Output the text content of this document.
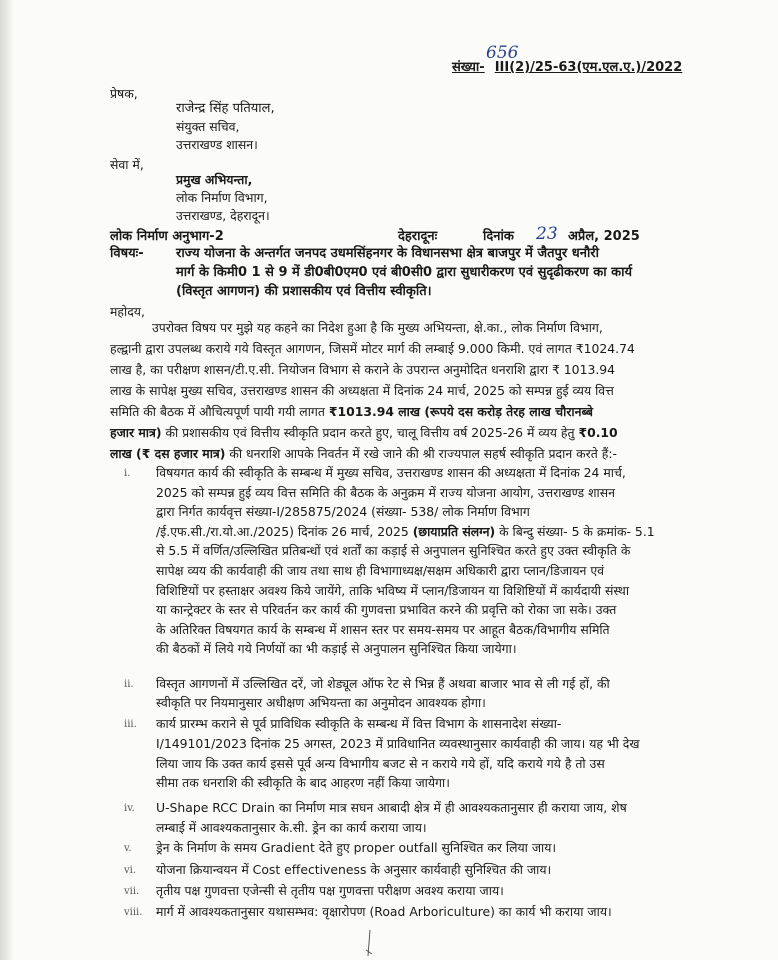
656
संख्या- III(2)/25-63(एम.एल.ए.)/2022
प्रेषक,
राजेन्द्र सिंह पतियाल,
संयुक्त सचिव,
उत्तराखण्ड शासन।
सेवा में,
प्रमुख अभियन्ता,
लोक निर्माण विभाग,
उत्तराखण्ड, देहरादून।
लोक निर्माण अनुभाग-2	देहरादूनः	दिनांक 23 अप्रैल, 2025
विषयः- राज्य योजना के अन्तर्गत जनपद उधमसिंहनगर के विधानसभा क्षेत्र बाजपुर में जैतपुर धनौरी
मार्ग के किमी0 1 से 9 में डी0बी0एम0 एवं बी0सी0 द्वारा सुधारीकरण एवं सुदृढीकरण का कार्य
(विस्तृत आगणन) की प्रशासकीय एवं वित्तीय स्वीकृति।
महोदय,
उपरोक्त विषय पर मुझे यह कहने का निदेश हुआ है कि मुख्य अभियन्ता, क्षे.का., लोक निर्माण विभाग,
हल्द्वानी द्वारा उपलब्ध कराये गये विस्तृत आगणन, जिसमें मोटर मार्ग की लम्बाई 9.000 किमी. एवं लागत ₹1024.74
लाख है, का परीक्षण शासन/टी.ए.सी. नियोजन विभाग से कराने के उपरान्त अनुमोदित धनराशि द्वारा ₹ 1013.94
लाख के सापेक्ष मुख्य सचिव, उत्तराखण्ड शासन की अध्यक्षता में दिनांक 24 मार्च, 2025 को सम्पन्न हुई व्यय वित्त
समिति की बैठक में औचित्यपूर्ण पायी गयी लागत ₹1013.94 लाख (रूपये दस करोड़ तेरह लाख चौरानब्बे
हजार मात्र) की प्रशासकीय एवं वित्तीय स्वीकृति प्रदान करते हुए, चालू वित्तीय वर्ष 2025-26 में व्यय हेतु ₹0.10
लाख (₹ दस हजार मात्र) की धनराशि आपके निवर्तन में रखे जाने की श्री राज्यपाल सहर्ष स्वीकृति प्रदान करते हैं:-
i. विषयगत कार्य की स्वीकृति के सम्बन्ध में मुख्य सचिव, उत्तराखण्ड शासन की अध्यक्षता में दिनांक 24 मार्च,
2025 को सम्पन्न हुई व्यय वित्त समिति की बैठक के अनुक्रम में राज्य योजना आयोग, उत्तराखण्ड शासन
द्वारा निर्गत कार्यवृत्त संख्या-I/285875/2024 (संख्या- 538/ लोक निर्माण विभाग
/ई.एफ.सी./रा.यो.आ./2025) दिनांक 26 मार्च, 2025 (छायाप्रति संलग्न) के बिन्दु संख्या- 5 के क्रमांक- 5.1
से 5.5 में वर्णित/उल्लिखित प्रतिबन्धों एवं शर्तों का कड़ाई से अनुपालन सुनिश्चित करते हुए उक्त स्वीकृति के
सापेक्ष व्यय की कार्यवाही की जाय तथा साथ ही विभागाध्यक्ष/सक्षम अधिकारी द्वारा प्लान/डिजायन एवं
विशिष्टियों पर हस्ताक्षर अवश्य किये जायेंगे, ताकि भविष्य में प्लान/डिजायन या विशिष्टियों में कार्यदायी संस्था
या कान्ट्रेक्टर के स्तर से परिवर्तन कर कार्य की गुणवत्ता प्रभावित करने की प्रवृत्ति को रोका जा सके। उक्त
के अतिरिक्त विषयगत कार्य के सम्बन्ध में शासन स्तर पर समय-समय पर आहूत बैठक/विभागीय समिति
की बैठकों में लिये गये निर्णयों का भी कड़ाई से अनुपालन सुनिश्चित किया जायेगा।
ii. विस्तृत आगणनों में उल्लिखित दरें, जो शेड्यूल ऑफ रेट से भिन्न हैं अथवा बाजार भाव से ली गई हों, की
स्वीकृति पर नियमानुसार अधीक्षण अभियन्ता का अनुमोदन आवश्यक होगा।
iii. कार्य प्रारम्भ कराने से पूर्व प्राविधिक स्वीकृति के सम्बन्ध में वित्त विभाग के शासनादेश संख्या-
I/149101/2023 दिनांक 25 अगस्त, 2023 में प्राविधानित व्यवस्थानुसार कार्यवाही की जाय। यह भी देख
लिया जाय कि उक्त कार्य इससे पूर्व अन्य विभागीय बजट से न कराये गये हों, यदि कराये गये है तो उस
सीमा तक धनराशि की स्वीकृति के बाद आहरण नहीं किया जायेगा।
iv. U-Shape RCC Drain का निर्माण मात्र सघन आबादी क्षेत्र में ही आवश्यकतानुसार ही कराया जाय, शेष
लम्बाई में आवश्यकतानुसार के.सी. ड्रेन का कार्य कराया जाय।
v. ड्रेन के निर्माण के समय Gradient देते हुए proper outfall सुनिश्चित कर लिया जाय।
vi. योजना क्रियान्वयन में Cost effectiveness के अनुसार कार्यवाही सुनिश्चित की जाय।
vii. तृतीय पक्ष गुणवत्ता एजेन्सी से तृतीय पक्ष गुणवत्ता परीक्षण अवश्य कराया जाय।
viii. मार्ग में आवश्यकतानुसार यथासम्भव: वृक्षारोपण (Road Arboriculture) का कार्य भी कराया जाय।
